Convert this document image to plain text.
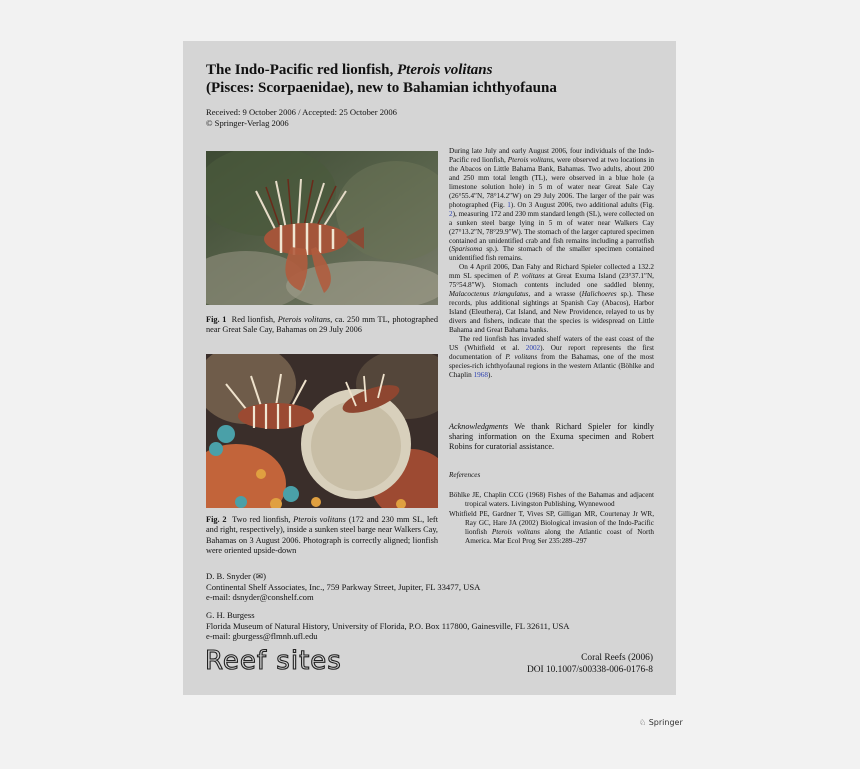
The Indo-Pacific red lionfish, Pterois volitans
(Pisces: Scorpaenidae), new to Bahamian ichthyofauna
Received: 9 October 2006 / Accepted: 25 October 2006
© Springer-Verlag 2006
Fig. 1 Red lionfish, Pterois volitans, ca. 250 mm TL, photographed near Great Sale Cay, Bahamas on 29 July 2006
Fig. 2 Two red lionfish, Pterois volitans (172 and 230 mm SL, left and right, respectively), inside a sunken steel barge near Walkers Cay, Bahamas on 3 August 2006. Photograph is correctly aligned; lionfish were oriented upside-down

During late July and early August 2006, four individuals of the Indo-Pacific red lionfish, Pterois volitans, were observed at two locations in the Abacos on Little Bahama Bank, Bahamas. Two adults, about 200 and 250 mm total length (TL), were observed in a blue hole (a limestone solution hole) in 5 m of water near Great Sale Cay (26°55.4″N, 78°14.2″W) on 29 July 2006. The larger of the pair was photographed (Fig. 1). On 3 August 2006, two additional adults (Fig. 2), measuring 172 and 230 mm standard length (SL), were collected on a sunken steel barge lying in 5 m of water near Walkers Cay (27°13.2″N, 78°29.9″W). The stomach of the larger captured specimen contained an unidentified crab and fish remains including a parrotfish (Sparisoma sp.). The stomach of the smaller specimen contained unidentified fish remains.

On 4 April 2006, Dan Fahy and Richard Spieler collected a 132.2 mm SL specimen of P. volitans at Great Exuma Island (23°37.1″N, 75°54.8″W). Stomach contents included one saddled blenny, Malacoctenus triangulatus, and a wrasse (Halichoeres sp.). These records, plus additional sightings at Spanish Cay (Abacos), Harbor Island (Eleuthera), Cat Island, and New Providence, relayed to us by divers and fishers, indicate that the species is widespread on Little Bahama and Great Bahama banks.

The red lionfish has invaded shelf waters of the east coast of the US (Whitfield et al. 2002). Our report represents the first documentation of P. volitans from the Bahamas, one of the most species-rich ichthyofaunal regions in the western Atlantic (Böhlke and Chaplin 1968).

Acknowledgments We thank Richard Spieler for kindly sharing information on the Exuma specimen and Robert Robins for curatorial assistance.
References
Böhlke JE, Chaplin CCG (1968) Fishes of the Bahamas and adjacent tropical waters. Livingston Publishing, Wynnewood
Whitfield PE, Gardner T, Vives SP, Gilligan MR, Courtenay Jr WR, Ray GC, Hare JA (2002) Biological invasion of the Indo-Pacific lionfish Pterois volitans along the Atlantic coast of North America. Mar Ecol Prog Ser 235:289–297
D. B. Snyder (✉)
Continental Shelf Associates, Inc., 759 Parkway Street, Jupiter, FL 33477, USA
e-mail: dsnyder@conshelf.com
G. H. Burgess
Florida Museum of Natural History, University of Florida, P.O. Box 117800, Gainesville, FL 32611, USA
e-mail: gburgess@flmnh.ufl.edu
Reef sites	Coral Reefs (2006)
DOI 10.1007/s00338-006-0176-8
♘ Springer
